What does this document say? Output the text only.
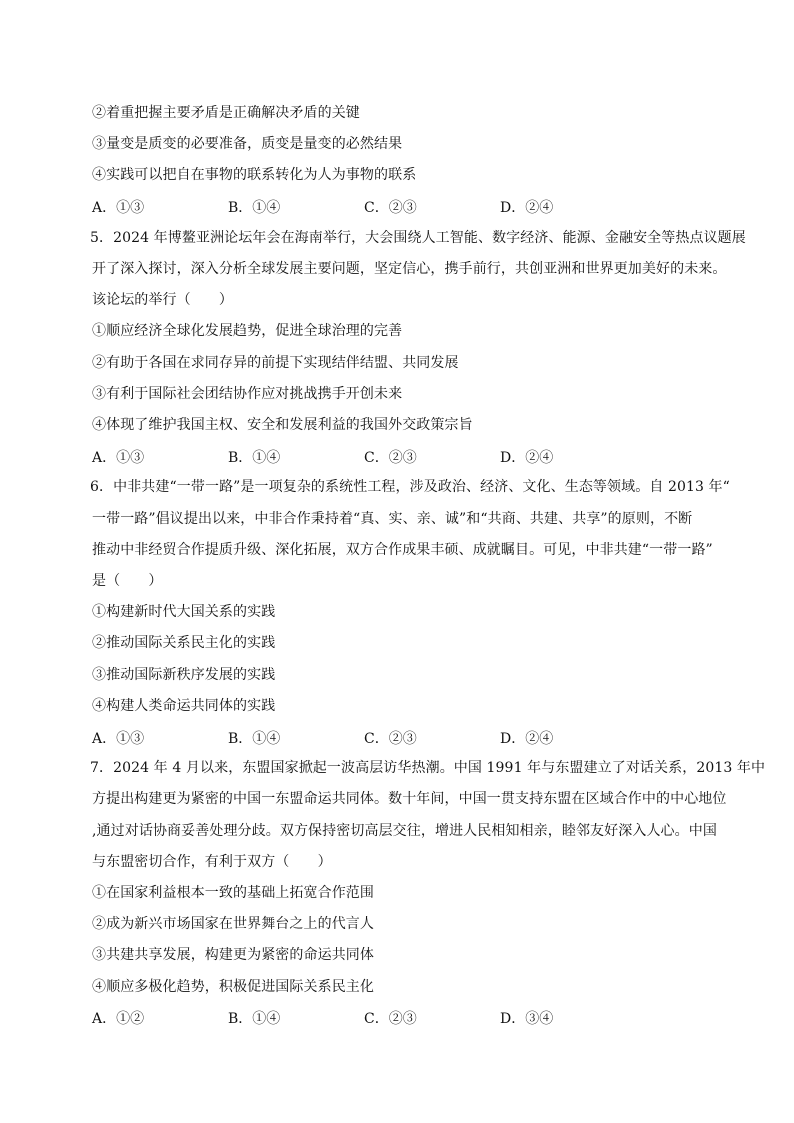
②着重把握主要矛盾是正确解决矛盾的关键
③量变是质变的必要准备，质变是量变的必然结果
④实践可以把自在事物的联系转化为人为事物的联系
A．①③	B．①④	C．②③	D．②④
5．2024 年博鳌亚洲论坛年会在海南举行，大会围绕人工智能、数字经济、能源、金融安全等热点议题展
开了深入探讨，深入分析全球发展主要问题，坚定信心，携手前行，共创亚洲和世界更加美好的未来。
该论坛的举行（　　）
①顺应经济全球化发展趋势，促进全球治理的完善
②有助于各国在求同存异的前提下实现结伴结盟、共同发展
③有利于国际社会团结协作应对挑战携手开创未来
④体现了维护我国主权、安全和发展利益的我国外交政策宗旨
A．①③	B．①④	C．②③	D．②④
6．中非共建“一带一路”是一项复杂的系统性工程，涉及政治、经济、文化、生态等领域。自 2013 年“
一带一路”倡议提出以来，中非合作秉持着“真、实、亲、诚”和“共商、共建、共享”的原则，不断
推动中非经贸合作提质升级、深化拓展，双方合作成果丰硕、成就瞩目。可见，中非共建“一带一路”
是（　　）
①构建新时代大国关系的实践
②推动国际关系民主化的实践
③推动国际新秩序发展的实践
④构建人类命运共同体的实践
A．①③	B．①④	C．②③	D．②④
7．2024 年 4 月以来，东盟国家掀起一波高层访华热潮。中国 1991 年与东盟建立了对话关系，2013 年中
方提出构建更为紧密的中国一东盟命运共同体。数十年间，中国一贯支持东盟在区域合作中的中心地位
,通过对话协商妥善处理分歧。双方保持密切高层交往，增进人民相知相亲，睦邻友好深入人心。中国
与东盟密切合作，有利于双方（　　）
①在国家利益根本一致的基础上拓宽合作范围
②成为新兴市场国家在世界舞台之上的代言人
③共建共享发展，构建更为紧密的命运共同体
④顺应多极化趋势，积极促进国际关系民主化
A．①②	B．①④	C．②③	D．③④
